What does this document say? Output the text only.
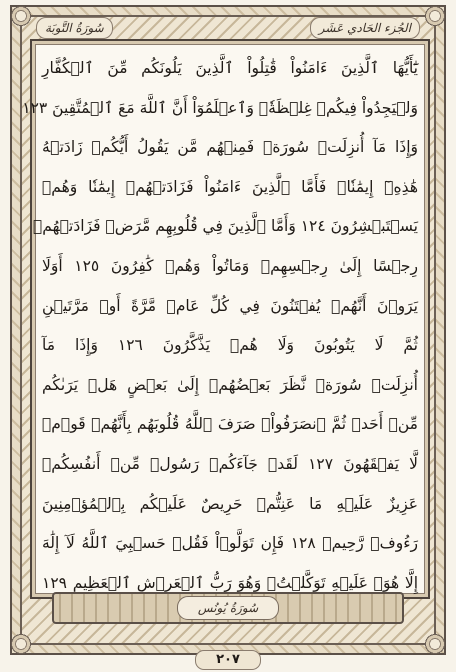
الجُزء الحَادي عَشَر
سُورَةُ التَّوبَة
يَٰٓأَيُّهَا ٱلَّذِينَ ءَامَنُواْ قَٰتِلُواْ ٱلَّذِينَ يَلُونَكُم مِّنَ ٱلۡكُفَّارِ
وَلۡيَجِدُواْ فِيكُمۡ غِلۡظَةٗۚ وَٱعۡلَمُوٓاْ أَنَّ ٱللَّهَ مَعَ ٱلۡمُتَّقِينَ ١٢٣
وَإِذَا مَآ أُنزِلَتۡ سُورَةٞ فَمِنۡهُم مَّن يَقُولُ أَيُّكُمۡ زَادَتۡهُ
هَٰذِهِۦٓ إِيمَٰنٗاۚ فَأَمَّا ٱلَّذِينَ ءَامَنُواْ فَزَادَتۡهُمۡ إِيمَٰنٗا وَهُمۡ
يَسۡتَبۡشِرُونَ ١٢٤ وَأَمَّا ٱلَّذِينَ فِي قُلُوبِهِم مَّرَضٞ فَزَادَتۡهُمۡ
رِجۡسًا إِلَىٰ رِجۡسِهِمۡ وَمَاتُواْ وَهُمۡ كَٰفِرُونَ ١٢٥ أَوَلَا
يَرَوۡنَ أَنَّهُمۡ يُفۡتَنُونَ فِي كُلِّ عَامٖ مَّرَّةً أَوۡ مَرَّتَيۡنِ
ثُمَّ لَا يَتُوبُونَ وَلَا هُمۡ يَذَّكَّرُونَ ١٢٦ وَإِذَا مَآ
أُنزِلَتۡ سُورَةٞ نَّظَرَ بَعۡضُهُمۡ إِلَىٰ بَعۡضٍ هَلۡ يَرَىٰكُم
مِّنۡ أَحَدٖ ثُمَّ ٱنصَرَفُواْۚ صَرَفَ ٱللَّهُ قُلُوبَهُم بِأَنَّهُمۡ قَوۡمٞ
لَّا يَفۡقَهُونَ ١٢٧ لَقَدۡ جَآءَكُمۡ رَسُولٞ مِّنۡ أَنفُسِكُمۡ
عَزِيزٌ عَلَيۡهِ مَا عَنِتُّمۡ حَرِيصٌ عَلَيۡكُم بِٱلۡمُؤۡمِنِينَ
رَءُوفٞ رَّحِيمٞ ١٢٨ فَإِن تَوَلَّوۡاْ فَقُلۡ حَسۡبِيَ ٱللَّهُ لَآ إِلَٰهَ
إِلَّا هُوَۖ عَلَيۡهِ تَوَكَّلۡتُۖ وَهُوَ رَبُّ ٱلۡعَرۡشِ ٱلۡعَظِيمِ ١٢٩
سُورَةُ يُونُس
٢٠٧
